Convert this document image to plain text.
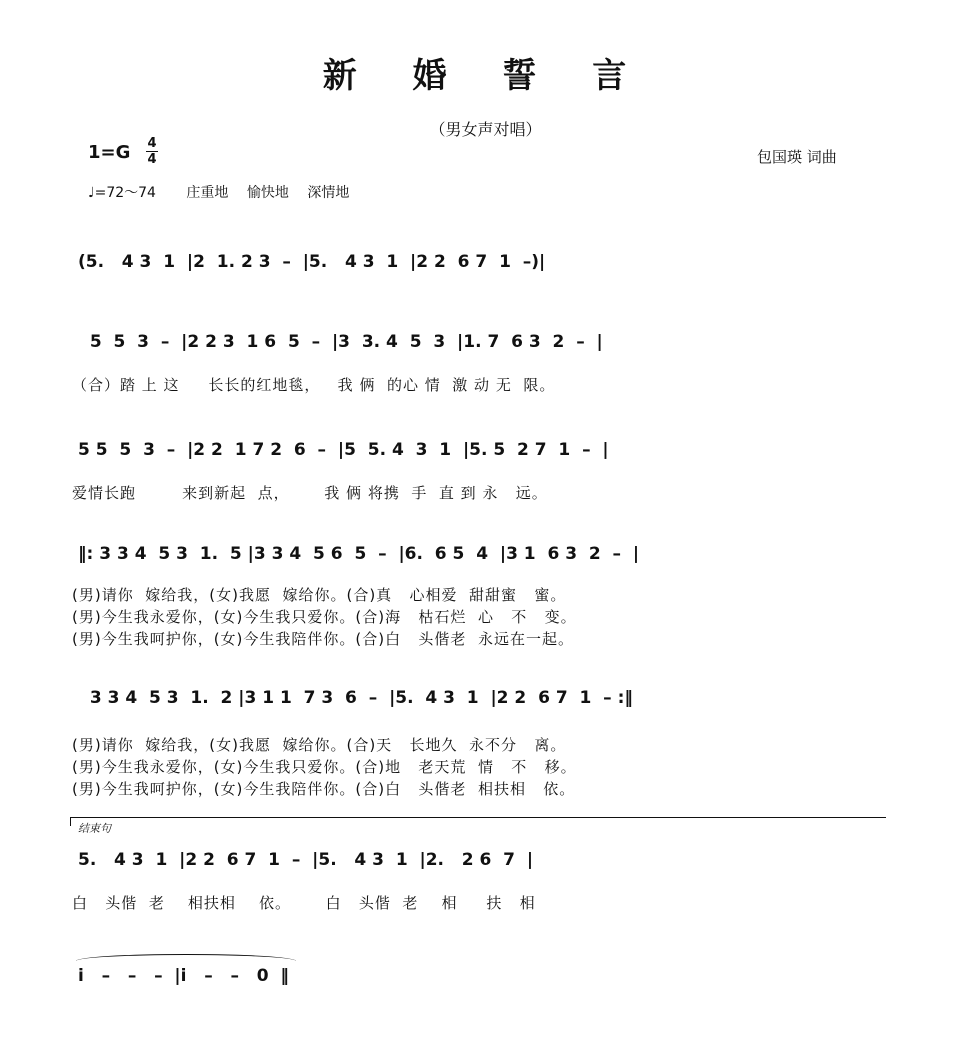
新 婚 誓 言
（男女声对唱）
1=G 4
4	包国瑛 词曲
♩=72～74 庄重地 愉快地 深情地
(5.   4 3  1  |2  1. 2 3  –  |5.   4 3  1  |2 2  6 7  1  –)|
5  5  3  –  |2 2 3  1 6  5  –  |3  3. 4  5  3  |1. 7  6 3  2  –  |
（合）踏 上 这     长长的红地毯，   我 俩  的心 情  激 动 无  限。
5 5  5  3  –  |2 2  1 7 2  6  –  |5  5. 4  3  1  |5. 5  2 7  1  –  |
爱情长跑        来到新起  点，      我 俩 将携  手  直 到 永   远。
‖: 3 3 4  5 3  1.  5 |3 3 4  5 6  5  –  |6.  6 5  4  |3 1  6 3  2  –  |
(男)请你  嫁给我，(女)我愿  嫁给你。(合)真   心相爱  甜甜蜜   蜜。
(男)今生我永爱你，(女)今生我只爱你。(合)海   枯石烂  心   不   变。
(男)今生我呵护你，(女)今生我陪伴你。(合)白   头偕老  永远在一起。
3 3 4  5 3  1.  2 |3 1 1  7 3  6  –  |5.  4 3  1  |2 2  6 7  1  – :‖
(男)请你  嫁给我，(女)我愿  嫁给你。(合)天   长地久  永不分   离。
(男)今生我永爱你，(女)今生我只爱你。(合)地   老天荒  情   不   移。
(男)今生我呵护你，(女)今生我陪伴你。(合)白   头偕老  相扶相   依。
结束句
5.   4 3  1  |2 2  6 7  1  –  |5.   4 3  1  |2.   2 6  7  |
白   头偕  老    相扶相    依。      白   头偕  老    相     扶   相
i   –   –   –  |i   –   –   0  ‖
